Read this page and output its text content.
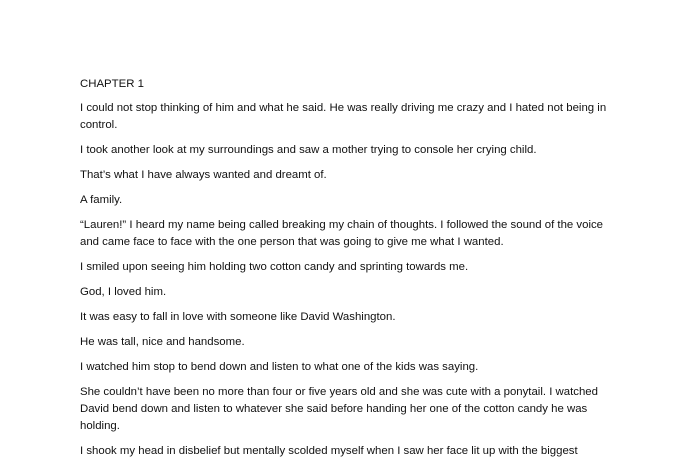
CHAPTER 1

I could not stop thinking of him and what he said. He was really driving me crazy and I hated not being in control.

I took another look at my surroundings and saw a mother trying to console her crying child.

That’s what I have always wanted and dreamt of.

A family.

“Lauren!” I heard my name being called breaking my chain of thoughts. I followed the sound of the voice and came face to face with the one person that was going to give me what I wanted.

I smiled upon seeing him holding two cotton candy and sprinting towards me.

God, I loved him.

It was easy to fall in love with someone like David Washington.

He was tall, nice and handsome.

I watched him stop to bend down and listen to what one of the kids was saying.

She couldn’t have been no more than four or five years old and she was cute with a ponytail. I watched David bend down and listen to whatever she said before handing her one of the cotton candy he was holding.

I shook my head in disbelief but mentally scolded myself when I saw her face lit up with the biggest
